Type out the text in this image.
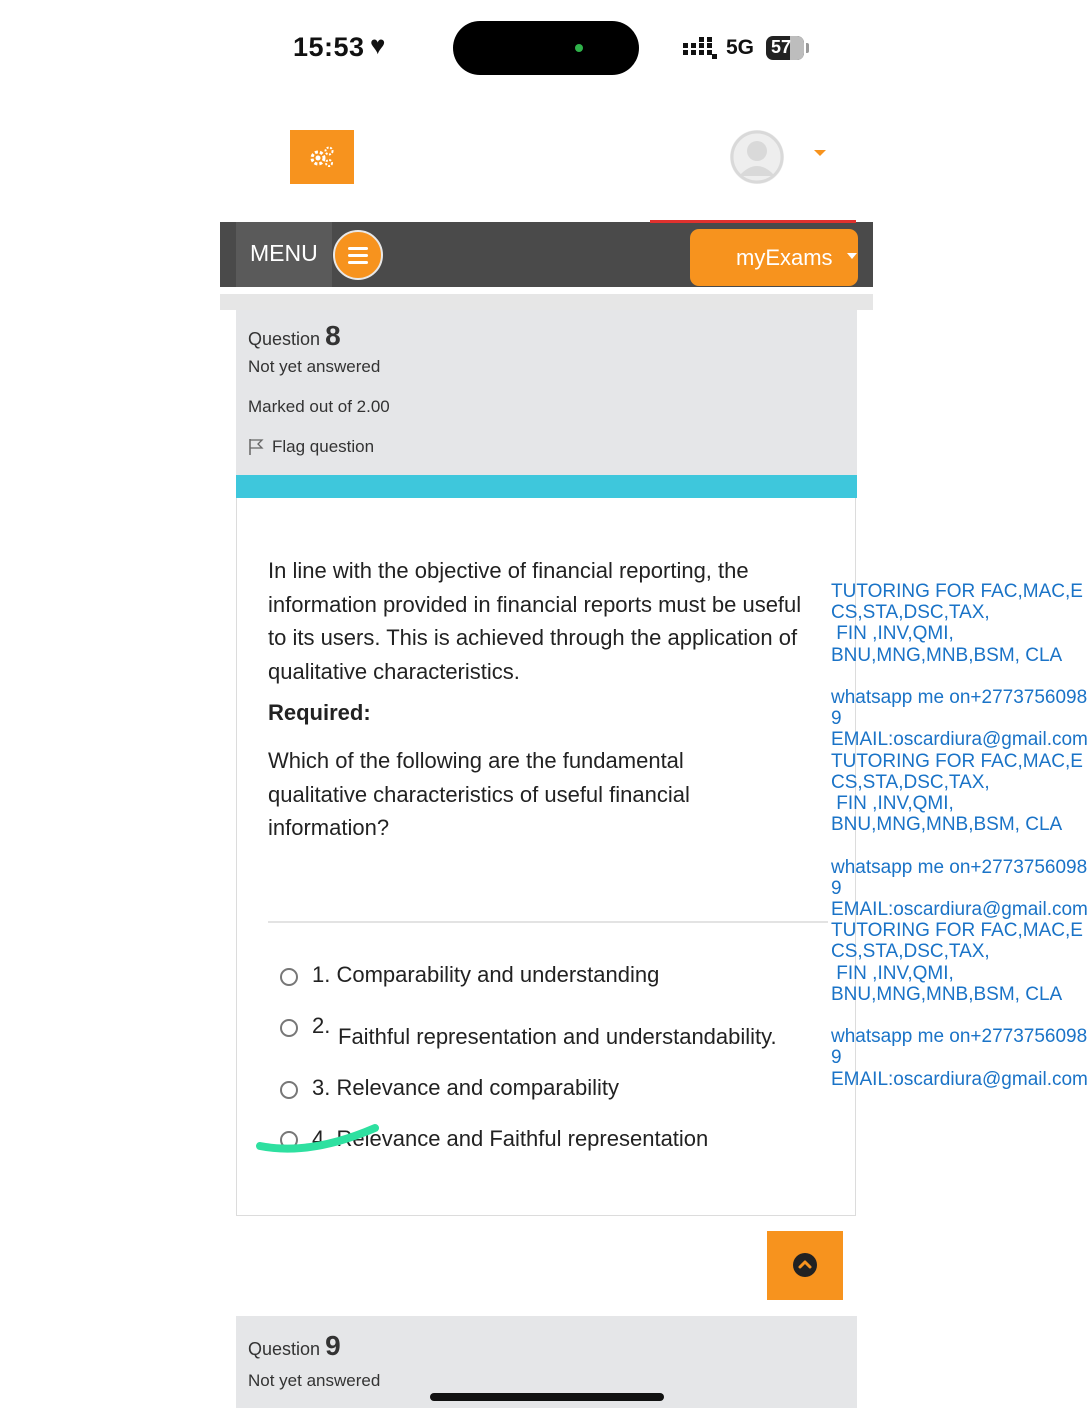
15:53 ♥	5G 57
MENU	myExams
Question 8
Not yet answered
Marked out of 2.00
Flag question
In line with the objective of financial reporting, the information provided in financial reports must be useful to its users. This is achieved through the application of qualitative characteristics.
Required:
Which of the following are the fundamental qualitative characteristics of useful financial information?
1. Comparability and understanding
2. Faithful representation and understandability.
3. Relevance and comparability
4. Relevance and Faithful representation
TUTORING FOR FAC,MAC,ECS,STA,DSC,TAX,
FIN ,INV,QMI,
BNU,MNG,MNB,BSM, CLA

whatsapp me on+27737560989
EMAIL:oscardiura@gmail.comTUTORING FOR FAC,MAC,ECS,STA,DSC,TAX,
FIN ,INV,QMI,
BNU,MNG,MNB,BSM, CLA

whatsapp me on+27737560989
EMAIL:oscardiura@gmail.comTUTORING FOR FAC,MAC,ECS,STA,DSC,TAX,
FIN ,INV,QMI,
BNU,MNG,MNB,BSM, CLA

whatsapp me on+27737560989
EMAIL:oscardiura@gmail.com
Question 9
Not yet answered
